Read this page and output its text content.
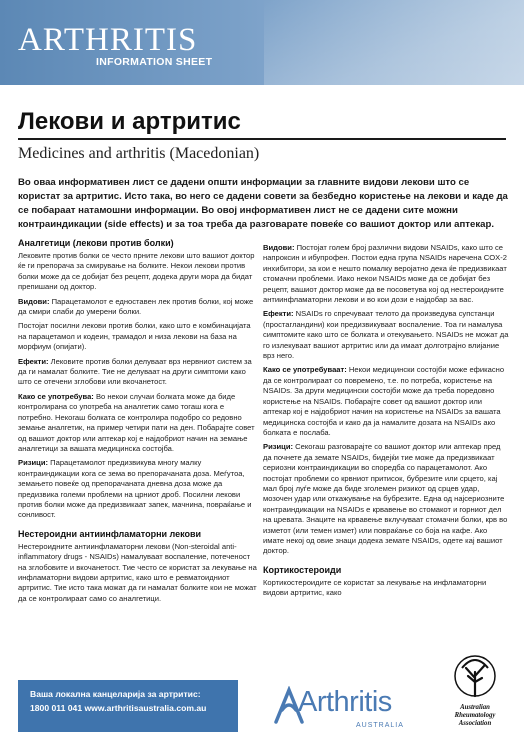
ARTHRITIS
INFORMATION SHEET
Лекови и артритис
Medicines and arthritis (Macedonian)
Во оваа информативен лист се дадени општи информации за главните видови лекови што се користат за артритис. Исто така, во него се дадени совети за безбедно користење на лекови и каде да се побараат натамошни информации. Во овој информативен лист не се дадени сите можни контраиндикации (side effects) и за тоа треба да разговарате повеќе со вашиот доктор или аптекар.
Аналгетици (лекови против болки)

Лековите против болки се често прните лекови што вашиот доктор ќе ги препорача за смирување на болките. Некои лекови против болки може да се добијат без рецепт, додека други мора да бидат препишани од доктор.

Видови: Парацетамолот е едноставен лек против болки, кој може да смири слаби до умерени болки.

Постојат посилни лекови против болки, како што е комбинацијата на парацетамол и кодеин, трамадол и низа лекови на база на морфиум (опијати).

Ефекти: Лековите против болки делуваат врз нервниот систем за да ги намалат болките. Тие не делуваат на други симптоми како што се отечени зглобови или вкочанетост.

Како се употребува: Во некои случаи болката може да биде контролирана со употреба на аналгетик само тогаш кога е потребно. Некогаш болката се контролира подобро со редовно земање аналгетик, на пример четири пати на ден. Побарајте совет од вашиот доктор или аптекар кој е најдобриот начин на земање аналгетици за вашата медицинска состојба.

Ризици: Парацетамолот предизвикува многу малку контраиндикации кога се зема во препорачаната доза. Меѓутоа, земањето повеќе од препорачаната дневна доза може да предизвика големи проблеми на црниот дроб. Посилни лекови против болки може да предизвикаат запек, мачнина, повраќање и сонливост.

Нестероидни антиинфламаторни лекови

Нестероидните антиинфламаторни лекови (Non-steroidal anti-inflammatory drugs - NSAIDs) намалуваат воспаление, потеченост на зглобовите и вкочанетост. Тие често се користат за лекување на инфламаторни видови артритис, како што е ревматоидниот артритис. Тие исто така можат да ги намалат болките кои не можат да се контролираат само со аналгетици.

Видови: Постојат голем број различни видови NSAIDs, како што се напроксин и ибупрофен. Постои една група NSAIDs наречена COX-2 инхибитори, за кои е нешто помалку веројатно дека ќе предизвикаат стомачни проблеми. Иако некои NSAIDs може да се добијат без рецепт, вашиот доктор може да ве посоветува кој од нестероидните антиинфламаторни лекови и во кои дози е најдобар за вас.

Ефекти: NSAIDs го спречуваат телото да произведува супстанци (простагландини) кои предизвикуваат воспаление. Тоа ги намалува симптомите како што се болката и отекувањето. NSAIDs не можат да го излекуваат вашиот артритис или да имаат долготрајно влијание врз него.

Како се употребуваат: Некои медицински состојби може ефикасно да се контролираат со повремено, т.е. по потреба, користење на NSAIDs. За други медицински состојби може да треба поредовно користење на NSAIDs. Побарајте совет од вашиот доктор или аптекар кој е најдобриот начин на користење на NSAIDs за вашата медицинска состојба и како да ја намалите дозата на NSAIDs ако болката е послаба.

Ризици: Секогаш разговарајте со вашиот доктор или аптекар пред да почнете да земате NSAIDs, бидејќи тие може да предизвикаат сериозни контраиндикации во споредба со парацетамолот. Ако постојат проблеми со крвниот притисок, бубрезите или срцето, кај мал број луѓе може да биде зголемен ризикот од срцев удар, мозочен удар или откажување на бубрезите. Една од најсериозните контраиндикации на NSAIDs е крвавење во стомакот и горниот дел на цревата. Знаците на крвавење вклучуваат стомачни болки, крв во изметот (или темен измет) или повраќање со боја на кафе. Ако имате некој од овие знаци додека земате NSAIDs, одете кај вашиот доктор.

Кортикостероиди

Кортикостероидите се користат за лекување на инфламаторни видови артритис, како

Ваша локална канцеларија за артритис:
1800 011 041 www.arthritisaustralia.com.au	Arthritis
AUSTRALIA
Australian Rheumatology Association
